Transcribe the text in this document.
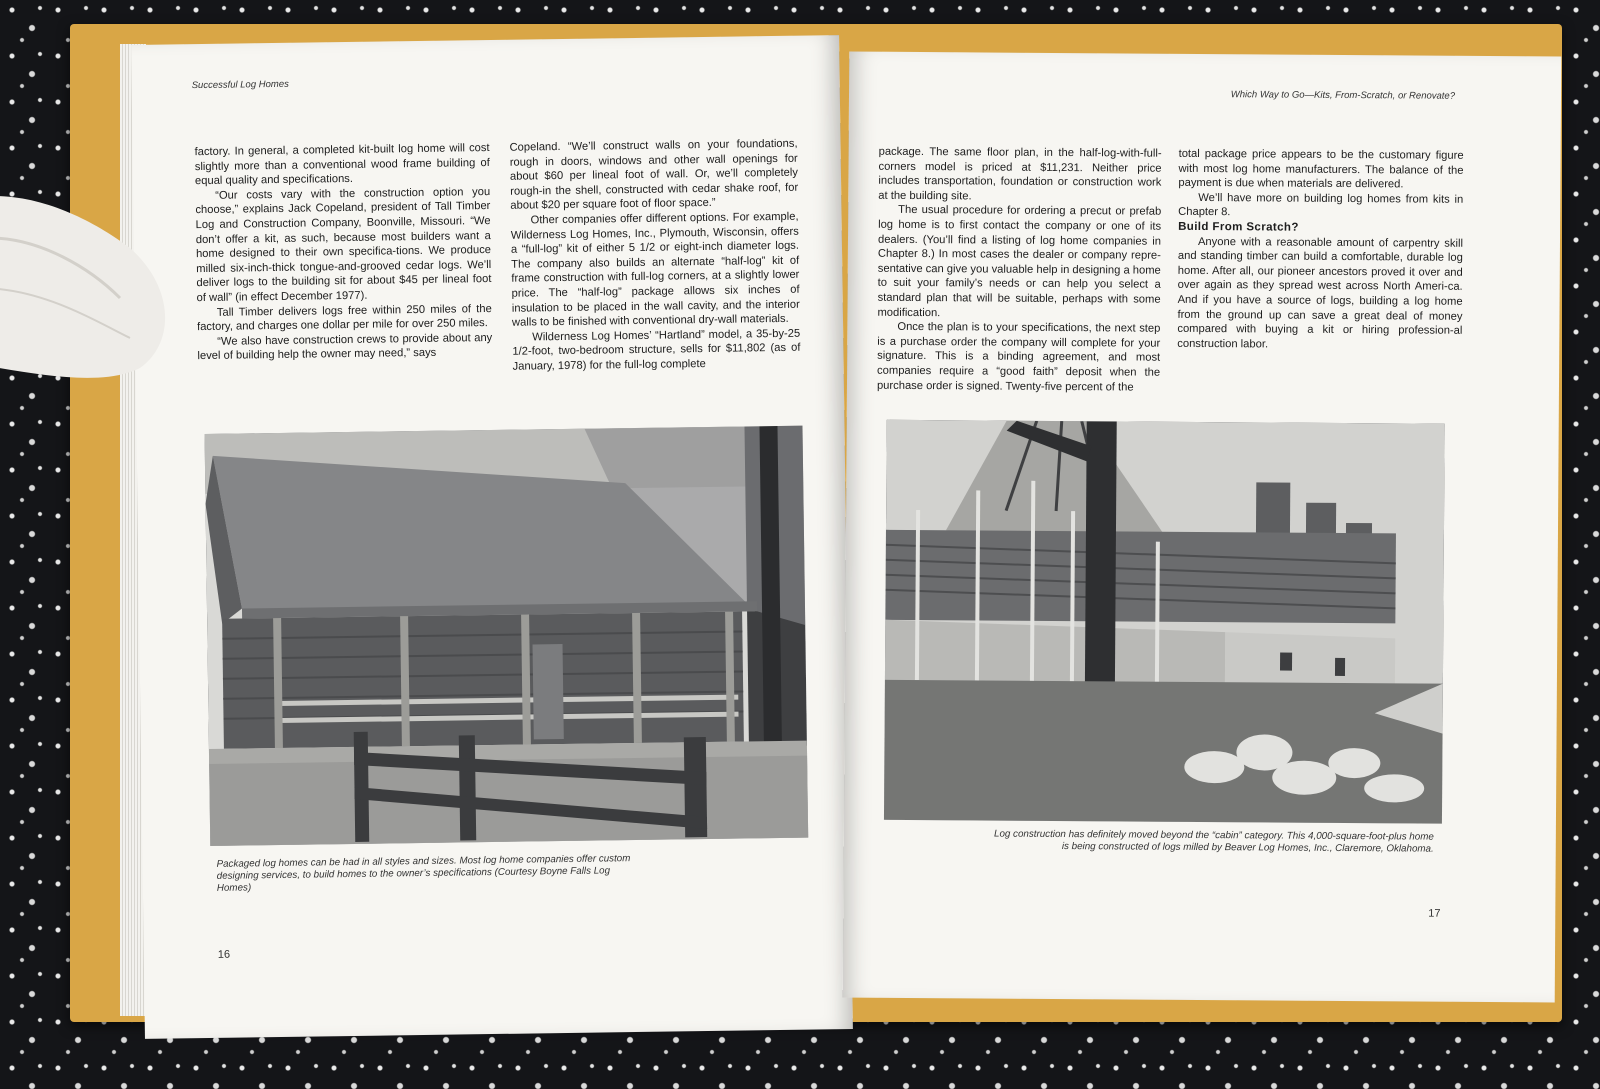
Successful Log Homes

factory. In general, a completed kit-built log home will cost slightly more than a conventional wood frame building of equal quality and specifications.

“Our costs vary with the construction option you choose,” explains Jack Copeland, president of Tall Timber Log and Construction Company, Boonville, Missouri. “We don’t offer a kit, as such, because most builders want a home designed to their own specifica-tions. We produce milled six-inch-thick tongue-and-grooved cedar logs. We’ll deliver logs to the building sit for about $45 per lineal foot of wall” (in effect December 1977).

Tall Timber delivers logs free within 250 miles of the factory, and charges one dollar per mile for over 250 miles.

“We also have construction crews to provide about any level of building help the owner may need,” says

Copeland. “We’ll construct walls on your foundations, rough in doors, windows and other wall openings for about $60 per lineal foot of wall. Or, we’ll completely rough-in the shell, constructed with cedar shake roof, for about $20 per square foot of floor space.”

Other companies offer different options. For example, Wilderness Log Homes, Inc., Plymouth, Wisconsin, offers a “full-log” kit of either 5 1/2 or eight-inch diameter logs. The company also builds an alternate “half-log” kit of frame construction with full-log corners, at a slightly lower price. The “half-log” package allows six inches of insulation to be placed in the wall cavity, and the interior walls to be finished with conventional dry-wall materials.

Wilderness Log Homes’ “Hartland” model, a 35-by-25 1/2-foot, two-bedroom structure, sells for $11,802 (as of January, 1978) for the full-log complete

Packaged log homes can be had in all styles and sizes. Most log home companies offer custom designing services, to build homes to the owner’s specifications (Courtesy Boyne Falls Log Homes)
16
Which Way to Go—Kits, From-Scratch, or Renovate?

package. The same floor plan, in the half-log-with-full-corners model is priced at $11,231. Neither price includes transportation, foundation or construction work at the building site.

The usual procedure for ordering a precut or prefab log home is to first contact the company or one of its dealers. (You’ll find a listing of log home companies in Chapter 8.) In most cases the dealer or company repre-sentative can give you valuable help in designing a home to suit your family’s needs or can help you select a standard plan that will be suitable, perhaps with some modification.

Once the plan is to your specifications, the next step is a purchase order the company will complete for your signature. This is a binding agreement, and most companies require a “good faith” deposit when the purchase order is signed. Twenty-five percent of the

total package price appears to be the customary figure with most log home manufacturers. The balance of the payment is due when materials are delivered.

We’ll have more on building log homes from kits in Chapter 8.

Build From Scratch?

Anyone with a reasonable amount of carpentry skill and standing timber can build a comfortable, durable log home. After all, our pioneer ancestors proved it over and over again as they spread west across North Ameri-ca. And if you have a source of logs, building a log home from the ground up can save a great deal of money compared with buying a kit or hiring profession-al construction labor.

Log construction has definitely moved beyond the “cabin” category. This 4,000-square-foot-plus home is being constructed of logs milled by Beaver Log Homes, Inc., Claremore, Oklahoma.
17
